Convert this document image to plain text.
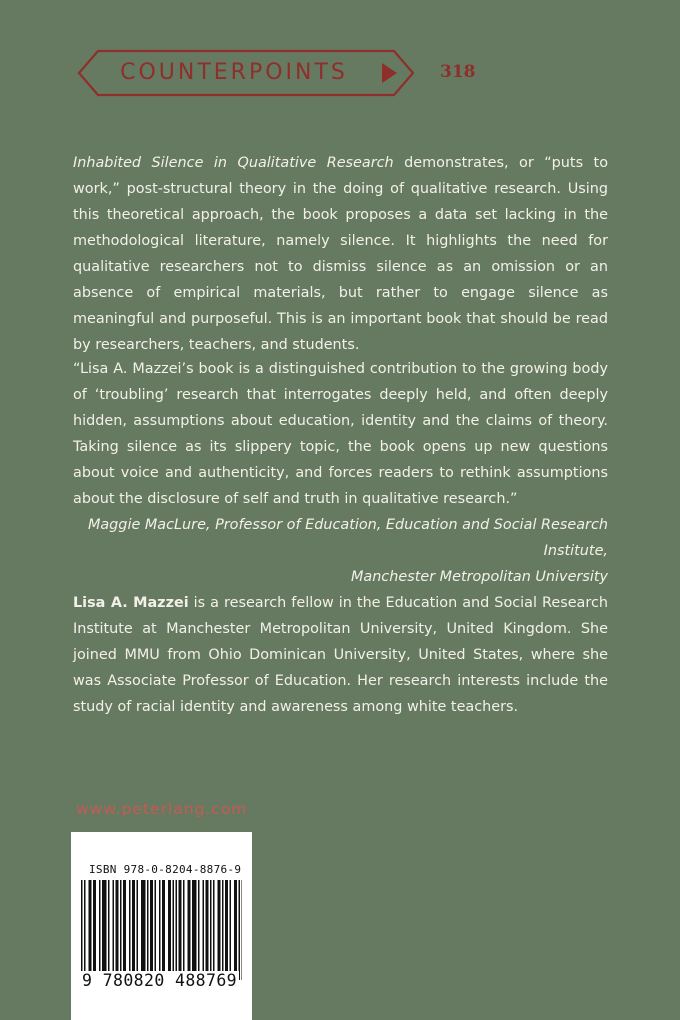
COUNTERPOINTS	318
Inhabited Silence in Qualitative Research demonstrates, or “puts to work,” post-structural theory in the doing of qualitative research. Using this theoretical approach, the book proposes a data set lacking in the methodological literature, namely silence. It highlights the need for qualitative researchers not to dismiss silence as an omission or an absence of empirical materials, but rather to engage silence as meaningful and purposeful. This is an important book that should be read by researchers, teachers, and students.
“Lisa A. Mazzei’s book is a distinguished contribution to the growing body of ‘troubling’ research that interrogates deeply held, and often deeply hidden, assumptions about education, identity and the claims of theory. Taking silence as its slippery topic, the book opens up new questions about voice and authenticity, and forces readers to rethink assumptions about the disclosure of self and truth in qualitative research.”
Maggie MacLure, Professor of Education, Education and Social Research Institute,
Manchester Metropolitan University
Lisa A. Mazzei is a research fellow in the Education and Social Research Institute at Manchester Metropolitan University, United Kingdom. She joined MMU from Ohio Dominican University, United States, where she was Associate Professor of Education. Her research interests include the study of racial identity and awareness among white teachers.
www.peterlang.com
ISBN 978-0-8204-8876-9
9 780820 488769
